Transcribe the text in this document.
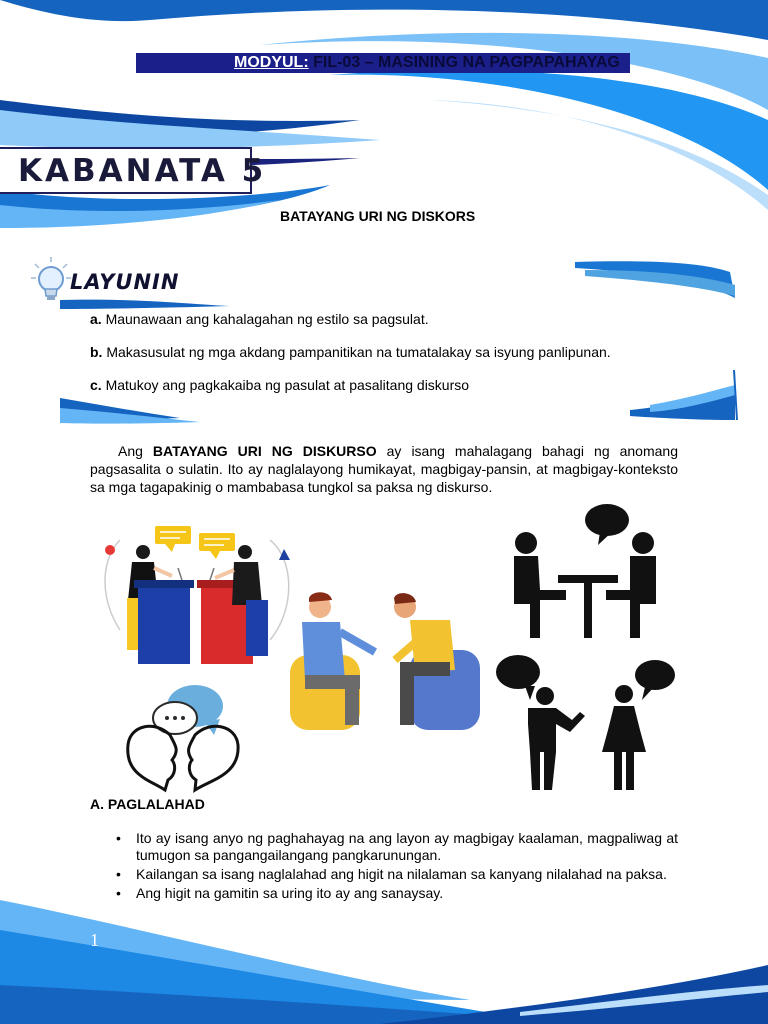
MODYUL: FIL-03 – MASINING NA PAGPAPAHAYAG
KABANATA 5
BATAYANG URI NG DISKORS
LAYUNIN
a. Maunawaan ang kahalagahan ng estilo sa pagsulat.
b. Makasusulat ng mga akdang pampanitikan na tumatalakay sa isyung panlipunan.
c. Matukoy ang pagkakaiba ng pasulat at pasalitang diskurso

Ang BATAYANG URI NG DISKURSO ay isang mahalagang bahagi ng anomang pagsasalita o sulatin. Ito ay naglalayong humikayat, magbigay-pansin, at magbigay-konteksto sa mga tagapakinig o mambabasa tungkol sa paksa ng diskurso.

A. PAGLALAHAD
• Ito ay isang anyo ng paghahayag na ang layon ay magbigay kaalaman, magpaliwag at tumugon sa pangangailangang pangkarunungan.
• Kailangan sa isang naglalahad ang higit na nilalaman sa kanyang nilalahad na paksa.
• Ang higit na gamitin sa uring ito ay ang sanaysay.
1
